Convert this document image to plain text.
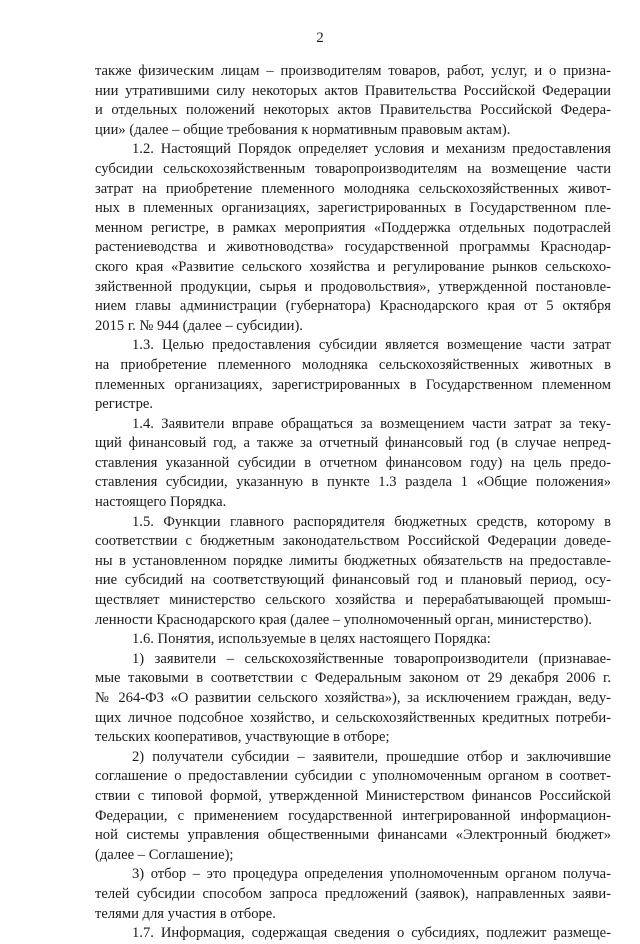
2
также физическим лицам – производителям товаров, работ, услуг, и о призна-
нии утратившими силу некоторых актов Правительства Российской Федерации
и отдельных положений некоторых актов Правительства Российской Федера-
ции» (далее – общие требования к нормативным правовым актам).
1.2. Настоящий Порядок определяет условия и механизм предоставления
субсидии сельскохозяйственным товаропроизводителям на возмещение части
затрат на приобретение племенного молодняка сельскохозяйственных живот-
ных в племенных организациях, зарегистрированных в Государственном пле-
менном регистре, в рамках мероприятия «Поддержка отдельных подотраслей
растениеводства и животноводства» государственной программы Краснодар-
ского края «Развитие сельского хозяйства и регулирование рынков сельскохо-
зяйственной продукции, сырья и продовольствия», утвержденной постановле-
нием главы администрации (губернатора) Краснодарского края от 5 октября
2015 г. № 944 (далее – субсидии).
1.3. Целью предоставления субсидии является возмещение части затрат
на приобретение племенного молодняка сельскохозяйственных животных в
племенных организациях, зарегистрированных в Государственном племенном
регистре.
1.4. Заявители вправе обращаться за возмещением части затрат за теку-
щий финансовый год, а также за отчетный финансовый год (в случае непред-
ставления указанной субсидии в отчетном финансовом году) на цель предо-
ставления субсидии, указанную в пункте 1.3 раздела 1 «Общие положения»
настоящего Порядка.
1.5. Функции главного распорядителя бюджетных средств, которому в
соответствии с бюджетным законодательством Российской Федерации доведе-
ны в установленном порядке лимиты бюджетных обязательств на предоставле-
ние субсидий на соответствующий финансовый год и плановый период, осу-
ществляет министерство сельского хозяйства и перерабатывающей промыш-
ленности Краснодарского края (далее – уполномоченный орган, министерство).
1.6. Понятия, используемые в целях настоящего Порядка:
1) заявители – сельскохозяйственные товаропроизводители (признавае-
мые таковыми в соответствии с Федеральным законом от 29 декабря 2006 г.
№ 264-ФЗ «О развитии сельского хозяйства»), за исключением граждан, веду-
щих личное подсобное хозяйство, и сельскохозяйственных кредитных потреби-
тельских кооперативов, участвующие в отборе;
2) получатели субсидии – заявители, прошедшие отбор и заключившие
соглашение о предоставлении субсидии с уполномоченным органом в соответ-
ствии с типовой формой, утвержденной Министерством финансов Российской
Федерации, с применением государственной интегрированной информацион-
ной системы управления общественными финансами «Электронный бюджет»
(далее – Соглашение);
3) отбор – это процедура определения уполномоченным органом получа-
телей субсидии способом запроса предложений (заявок), направленных заяви-
телями для участия в отборе.
1.7. Информация, содержащая сведения о субсидиях, подлежит размеще-
